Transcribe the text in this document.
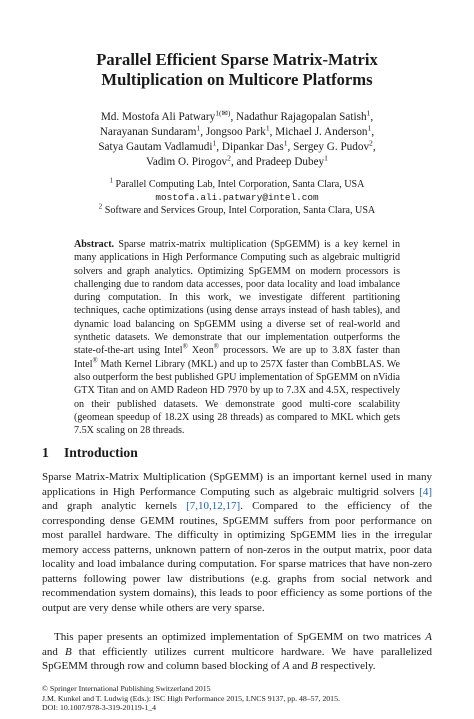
Parallel Efficient Sparse Matrix-Matrix
Multiplication on Multicore Platforms
Md. Mostofa Ali Patwary$^{1(✉)}$, Nadathur Rajagopalan Satish$^1$,
Narayanan Sundaram$^1$, Jongsoo Park$^1$, Michael J. Anderson$^1$,
Satya Gautam Vadlamudi$^1$, Dipankar Das$^1$, Sergey G. Pudov$^2$,
Vadim O. Pirogov$^2$, and Pradeep Dubey$^1$
$^1$ Parallel Computing Lab, Intel Corporation, Santa Clara, USA
mostofa.ali.patwary@intel.com
$^2$ Software and Services Group, Intel Corporation, Santa Clara, USA

Abstract. Sparse matrix-matrix multiplication (SpGEMM) is a key kernel in many applications in High Performance Computing such as algebraic multigrid solvers and graph analytics. Optimizing SpGEMM on modern processors is challenging due to random data accesses, poor data locality and load imbalance during computation. In this work, we investigate different partitioning techniques, cache optimizations (using dense arrays instead of hash tables), and dynamic load balancing on SpGEMM using a diverse set of real-world and synthetic datasets. We demonstrate that our implementation outperforms the state-of-the-art using Intel® Xeon® processors. We are up to 3.8X faster than Intel® Math Kernel Library (MKL) and up to 257X faster than CombBLAS. We also outperform the best published GPU implementation of SpGEMM on nVidia GTX Titan and on AMD Radeon HD 7970 by up to 7.3X and 4.5X, respectively on their published datasets. We demonstrate good multi-core scalability (geomean speedup of 18.2X using 28 threads) as compared to MKL which gets 7.5X scaling on 28 threads.

1 Introduction

Sparse Matrix-Matrix Multiplication (SpGEMM) is an important kernel used in many applications in High Performance Computing such as algebraic multigrid solvers [4] and graph analytic kernels [7,10,12,17]. Compared to the efficiency of the corresponding dense GEMM routines, SpGEMM suffers from poor performance on most parallel hardware. The difficulty in optimizing SpGEMM lies in the irregular memory access patterns, unknown pattern of non-zeros in the output matrix, poor data locality and load imbalance during computation. For sparse matrices that have non-zero patterns following power law distributions (e.g. graphs from social network and recommendation system domains), this leads to poor efficiency as some portions of the output are very dense while others are very sparse.

This paper presents an optimized implementation of SpGEMM on two matrices A and B that efficiently utilizes current multicore hardware. We have parallelized SpGEMM through row and column based blocking of A and B respectively.

© Springer International Publishing Switzerland 2015
J.M. Kunkel and T. Ludwig (Eds.): ISC High Performance 2015, LNCS 9137, pp. 48–57, 2015.
DOI: 10.1007/978-3-319-20119-1_4
